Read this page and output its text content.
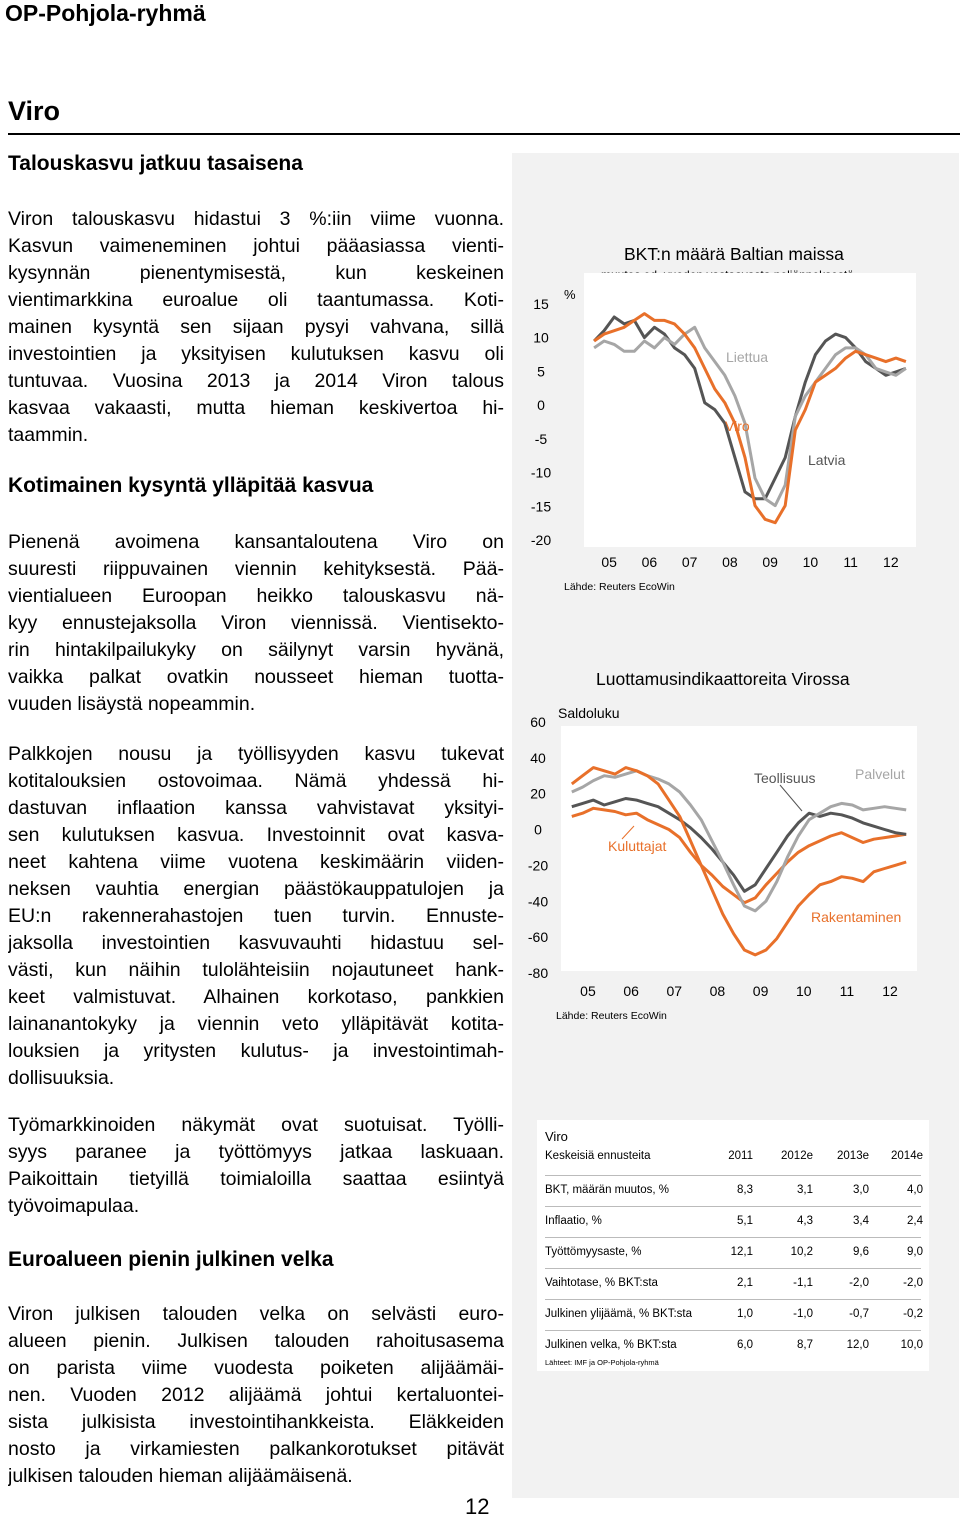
OP-Pohjola-ryhmä
Viro
Talouskasvu jatkuu tasaisena
Viron talouskasvu hidastui 3 %:iin viime vuonna.
Kasvun vaimeneminen johtui pääasiassa vienti-
kysynnän pienentymisestä, kun keskeinen
vientimarkkina euroalue oli taantumassa. Koti-
mainen kysyntä sen sijaan pysyi vahvana, sillä
investointien ja yksityisen kulutuksen kasvu oli
tuntuvaa. Vuosina 2013 ja 2014 Viron talous
kasvaa vakaasti, mutta hieman keskivertoa hi-
taammin.
Kotimainen kysyntä ylläpitää kasvua
Pienenä avoimena kansantaloutena Viro on
suuresti riippuvainen viennin kehityksestä. Pää-
vientialueen Euroopan heikko talouskasvu nä-
kyy ennustejaksolla Viron viennissä. Vientisekto-
rin hintakilpailukyky on säilynyt varsin hyvänä,
vaikka palkat ovatkin nousseet hieman tuotta-
vuuden lisäystä nopeammin.
Palkkojen nousu ja työllisyyden kasvu tukevat
kotitalouksien ostovoimaa. Nämä yhdessä hi-
dastuvan inflaation kanssa vahvistavat yksityi-
sen kulutuksen kasvua. Investoinnit ovat kasva-
neet kahtena viime vuotena keskimäärin viiden-
neksen vauhtia energian päästökauppatulojen ja
EU:n rakennerahastojen tuen turvin. Ennuste-
jaksolla investointien kasvuvauhti hidastuu sel-
västi, kun näihin tulolähteisiin nojautuneet hank-
keet valmistuvat. Alhainen korkotaso, pankkien
lainanantokyky ja viennin veto ylläpitävät kotita-
louksien ja yritysten kulutus- ja investointimah-
dollisuuksia.
Työmarkkinoiden näkymät ovat suotuisat. Työlli-
syys paranee ja työttömyys jatkaa laskuaan.
Paikoittain tietyillä toimialoilla saattaa esiintyä
työvoimapulaa.
Euroalueen pienin julkinen velka
Viron julkisen talouden velka on selvästi euro-
alueen pienin. Julkisen talouden rahoitusasema
on parista viime vuodesta poiketen alijäämäi-
nen. Vuoden 2012 alijäämä johtui kertaluontei-
sista julkisista investointihankkeista. Eläkkeiden
nosto ja virkamiesten palkankorotukset pitävät
julkisen talouden hieman alijäämäisenä.
BKT:n määrä Baltian maissa
%
15
10
5
0
-5
-10
-15
-20
Viro
Liettua
Latvia
05 06 07 08 09 10 11 12
Lähde: Reuters EcoWin
Luottamusindikaattoreita Virossa
Saldoluku
60
40
20
0
-20
-40
-60
-80
Kuluttajat
Teollisuus	Palvelut
Rakentaminen
05 06 07 08 09 10 11 12
Lähde: Reuters EcoWin
Viro
Keskeisiä ennusteita	2011	2012e	2013e	2014e
BKT, määrän muutos, %	8,3	3,1	3,0	4,0
Inflaatio, %	5,1	4,3	3,4	2,4
Työttömyysaste, %	12,1	10,2	9,6	9,0
Vaihtotase, % BKT:sta	2,1	-1,1	-2,0	-2,0
Julkinen ylijäämä, % BKT:sta	1,0	-1,0	-0,7	-0,2
Julkinen velka, % BKT:sta	6,0	8,7	12,0	10,0
Lähteet: IMF ja OP-Pohjola-ryhmä
12
